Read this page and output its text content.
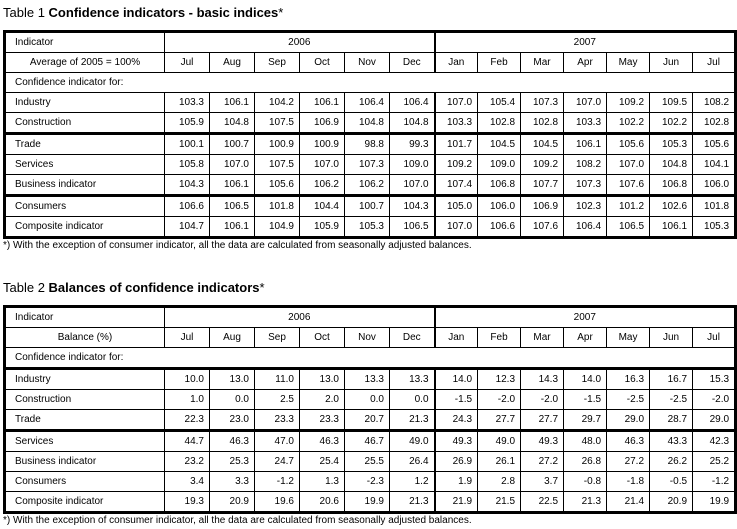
Table 1 Confidence indicators - basic indices*
Indicator	2006						2007						
Average of 2005 = 100%	Jul	Aug	Sep	Oct	Nov	Dec	Jan	Feb	Mar	Apr	May	Jun	Jul
Confidence indicator for:													
Industry	103.3	106.1	104.2	106.1	106.4	106.4	107.0	105.4	107.3	107.0	109.2	109.5	108.2
Construction	105.9	104.8	107.5	106.9	104.8	104.8	103.3	102.8	102.8	103.3	102.2	102.2	102.8
Trade	100.1	100.7	100.9	100.9	98.8	99.3	101.7	104.5	104.5	106.1	105.6	105.3	105.6
Services	105.8	107.0	107.5	107.0	107.3	109.0	109.2	109.0	109.2	108.2	107.0	104.8	104.1
Business indicator	104.3	106.1	105.6	106.2	106.2	107.0	107.4	106.8	107.7	107.3	107.6	106.8	106.0
Consumers	106.6	106.5	101.8	104.4	100.7	104.3	105.0	106.0	106.9	102.3	101.2	102.6	101.8
Composite indicator	104.7	106.1	104.9	105.9	105.3	106.5	107.0	106.6	107.6	106.4	106.5	106.1	105.3
*) With the exception of consumer indicator, all the data are calculated from seasonally adjusted balances.
Table 2 Balances of confidence indicators*
Indicator	2006						2007						
Balance (%)	Jul	Aug	Sep	Oct	Nov	Dec	Jan	Feb	Mar	Apr	May	Jun	Jul
Confidence indicator for:													
Industry	10.0	13.0	11.0	13.0	13.3	13.3	14.0	12.3	14.3	14.0	16.3	16.7	15.3
Construction	1.0	0.0	2.5	2.0	0.0	0.0	-1.5	-2.0	-2.0	-1.5	-2.5	-2.5	-2.0
Trade	22.3	23.0	23.3	23.3	20.7	21.3	24.3	27.7	27.7	29.7	29.0	28.7	29.0
Services	44.7	46.3	47.0	46.3	46.7	49.0	49.3	49.0	49.3	48.0	46.3	43.3	42.3
Business indicator	23.2	25.3	24.7	25.4	25.5	26.4	26.9	26.1	27.2	26.8	27.2	26.2	25.2
Consumers	3.4	3.3	-1.2	1.3	-2.3	1.2	1.9	2.8	3.7	-0.8	-1.8	-0.5	-1.2
Composite indicator	19.3	20.9	19.6	20.6	19.9	21.3	21.9	21.5	22.5	21.3	21.4	20.9	19.9
*) With the exception of consumer indicator, all the data are calculated from seasonally adjusted balances.
